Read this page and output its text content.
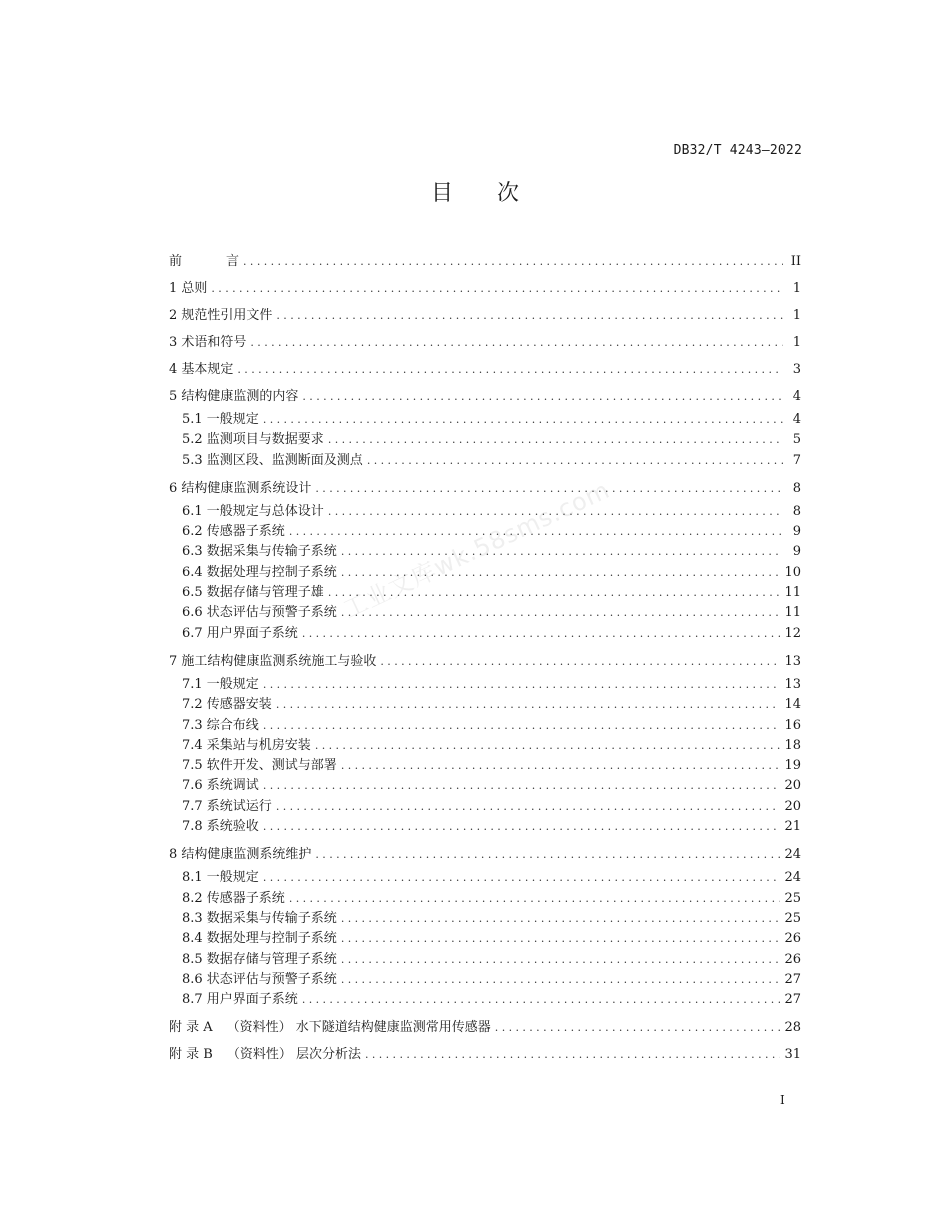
DB32/T 4243—2022
目 次
前	言 .....	II
1 总则 .....	1
2 规范性引用文件 .....	1
3 术语和符号 .....	1
4 基本规定 .....	3
5 结构健康监测的内容 .....	4
5.1 一般规定 .....	4
5.2 监测项目与数据要求 .....	5
5.3 监测区段、监测断面及测点 .....	7
6 结构健康监测系统设计 .....	8
6.1 一般规定与总体设计 .....	8
6.2 传感器子系统 .....	9
6.3 数据采集与传输子系统 .....	9
6.4 数据处理与控制子系统 .....	10
6.5 数据存储与管理子雄 .....	11
6.6 状态评估与预警子系统 .....	11
6.7 用户界面子系统 .....	12
7 施工结构健康监测系统施工与验收 .....	13
7.1 一般规定 .....	13
7.2 传感器安装 .....	14
7.3 综合布线 .....	16
7.4 采集站与机房安装 .....	18
7.5 软件开发、测试与部署 .....	19
7.6 系统调试 .....	20
7.7 系统试运行 .....	20
7.8 系统验收 .....	21
8 结构健康监测系统维护 .....	24
8.1 一般规定 .....	24
8.2 传感器子系统 .....	25
8.3 数据采集与传输子系统 .....	25
8.4 数据处理与控制子系统 .....	26
8.5 数据存储与管理子系统 .....	26
8.6 状态评估与预警子系统 .....	27
8.7 用户界面子系统 .....	27
附 录 A （资料性） 水下隧道结构健康监测常用传感器 .....	28
附 录 B （资料性） 层次分析法 .....	31
工业文库wk.58sms.com
I
